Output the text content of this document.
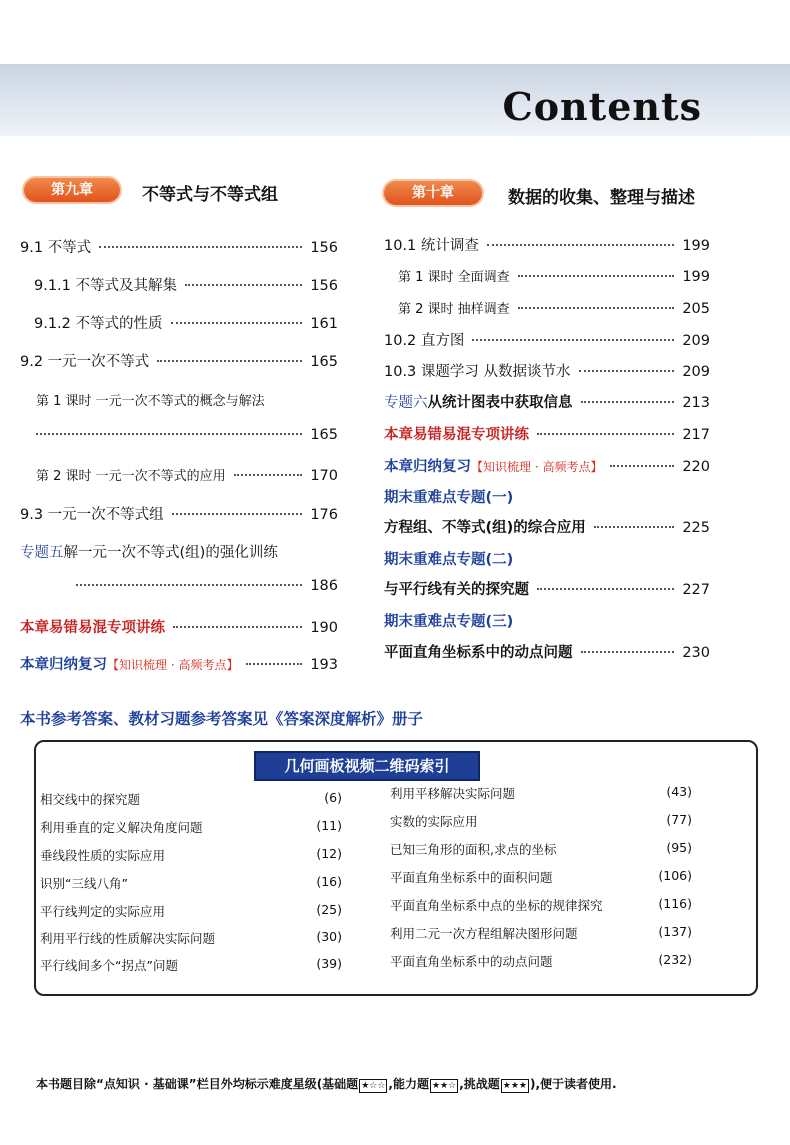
Contents
第九章	不等式与不等式组
9.1 不等式	156
9.1.1 不等式及其解集	156
9.1.2 不等式的性质	161
9.2 一元一次不等式	165
第 1 课时 一元一次不等式的概念与解法
165
第 2 课时 一元一次不等式的应用	170
9.3 一元一次不等式组	176
专题五 解一元一次不等式(组)的强化训练
186
本章易错易混专项讲练	190
本章归纳复习 【知识梳理 · 高频考点】	193
第十章	数据的收集、整理与描述
10.1 统计调查	199
第 1 课时 全面调查	199
第 2 课时 抽样调查	205
10.2 直方图	209
10.3 课题学习 从数据谈节水	209
专题六 从统计图表中获取信息	213
本章易错易混专项讲练	217
本章归纳复习 【知识梳理 · 高频考点】	220
期末重难点专题(一)
方程组、不等式(组)的综合应用	225
期末重难点专题(二)
与平行线有关的探究题	227
期末重难点专题(三)
平面直角坐标系中的动点问题	230
本书参考答案、教材习题参考答案见《答案深度解析》册子
几何画板视频二维码索引
相交线中的探究题	(6)
利用垂直的定义解决角度问题	(11)
垂线段性质的实际应用	(12)
识别“三线八角”	(16)
平行线判定的实际应用	(25)
利用平行线的性质解决实际问题	(30)
平行线间多个“拐点”问题	(39)
利用平移解决实际问题	(43)
实数的实际应用	(77)
已知三角形的面积,求点的坐标	(95)
平面直角坐标系中的面积问题	(106)
平面直角坐标系中点的坐标的规律探究	(116)
利用二元一次方程组解决图形问题	(137)
平面直角坐标系中的动点问题	(232)
本书题目除“点知识 · 基础课”栏目外均标示难度星级(基础题 ★☆☆ ,能力题 ★★☆ ,挑战题 ★★★ ),便于读者使用.
